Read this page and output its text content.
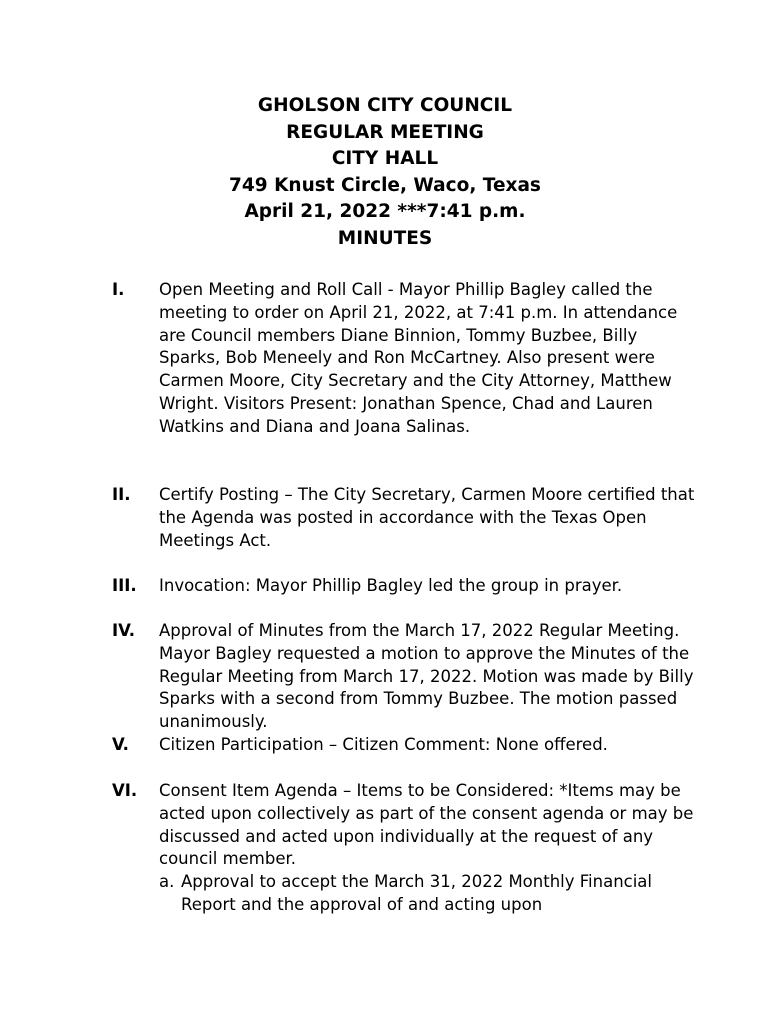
GHOLSON CITY COUNCIL
REGULAR MEETING
CITY HALL
749 Knust Circle, Waco, Texas
April 21, 2022 ***7:41 p.m.
MINUTES
I.	Open Meeting and Roll Call - Mayor Phillip Bagley called the meeting to order on April 21, 2022, at 7:41 p.m. In attendance are Council members Diane Binnion, Tommy Buzbee, Billy Sparks, Bob Meneely and Ron McCartney. Also present were Carmen Moore, City Secretary and the City Attorney, Matthew Wright. Visitors Present: Jonathan Spence, Chad and Lauren Watkins and Diana and Joana Salinas.
II.	Certify Posting – The City Secretary, Carmen Moore certified that the Agenda was posted in accordance with the Texas Open Meetings Act.
III.	Invocation: Mayor Phillip Bagley led the group in prayer.
IV.	Approval of Minutes from the March 17, 2022 Regular Meeting. Mayor Bagley requested a motion to approve the Minutes of the Regular Meeting from March 17, 2022. Motion was made by Billy Sparks with a second from Tommy Buzbee. The motion passed unanimously.
V.	Citizen Participation – Citizen Comment: None offered.
VI.	Consent Item Agenda – Items to be Considered: *Items may be acted upon collectively as part of the consent agenda or may be discussed and acted upon individually at the request of any council member.
a. Approval to accept the March 31, 2022 Monthly Financial Report and the approval of and acting upon
